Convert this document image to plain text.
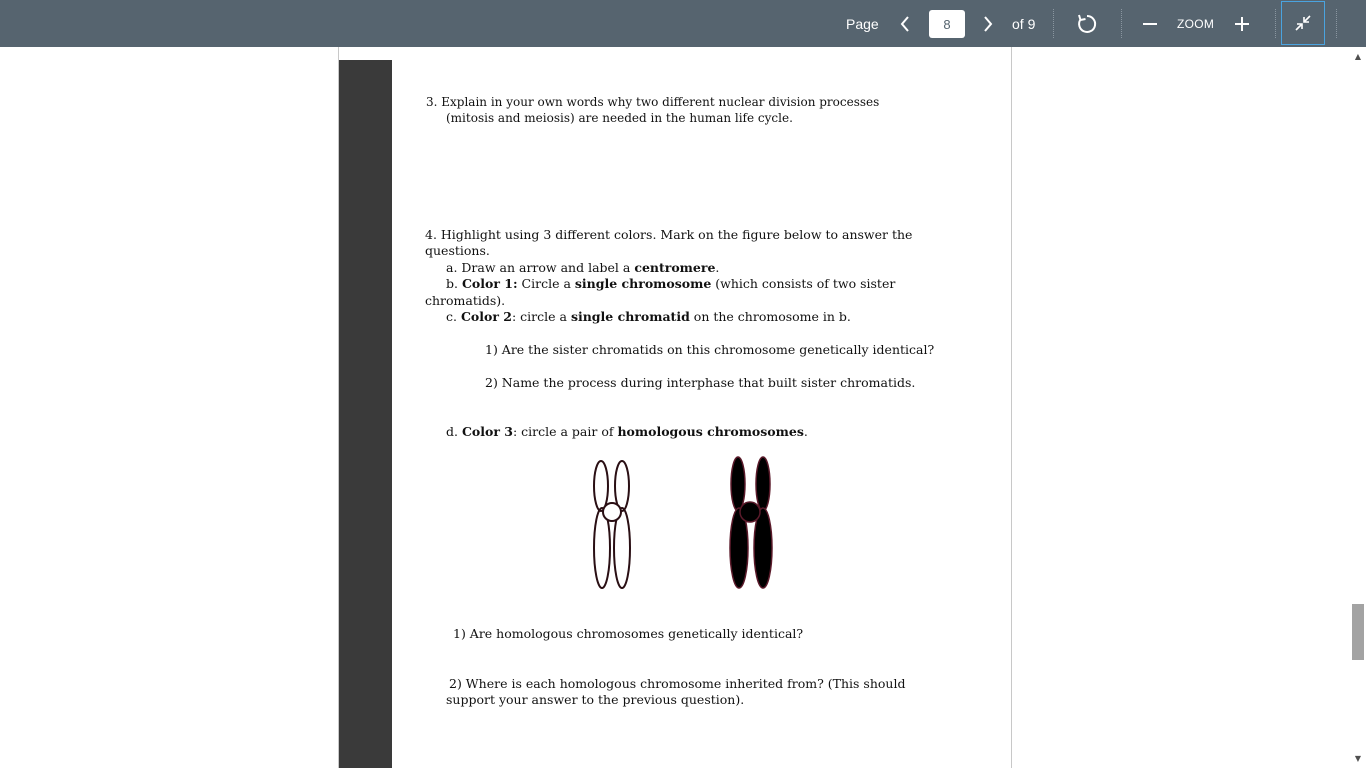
Page
8	of 9	ZOOM
3. Explain in your own words why two different nuclear division processes
(mitosis and meiosis) are needed in the human life cycle.
4. Highlight using 3 different colors. Mark on the figure below to answer the
questions.
a. Draw an arrow and label a centromere.
b. Color 1: Circle a single chromosome (which consists of two sister
chromatids).
c. Color 2: circle a single chromatid on the chromosome in b.
1) Are the sister chromatids on this chromosome genetically identical?
2) Name the process during interphase that built sister chromatids.
d. Color 3: circle a pair of homologous chromosomes.
1) Are homologous chromosomes genetically identical?
2) Where is each homologous chromosome inherited from? (This should
support your answer to the previous question).
▲
▼
